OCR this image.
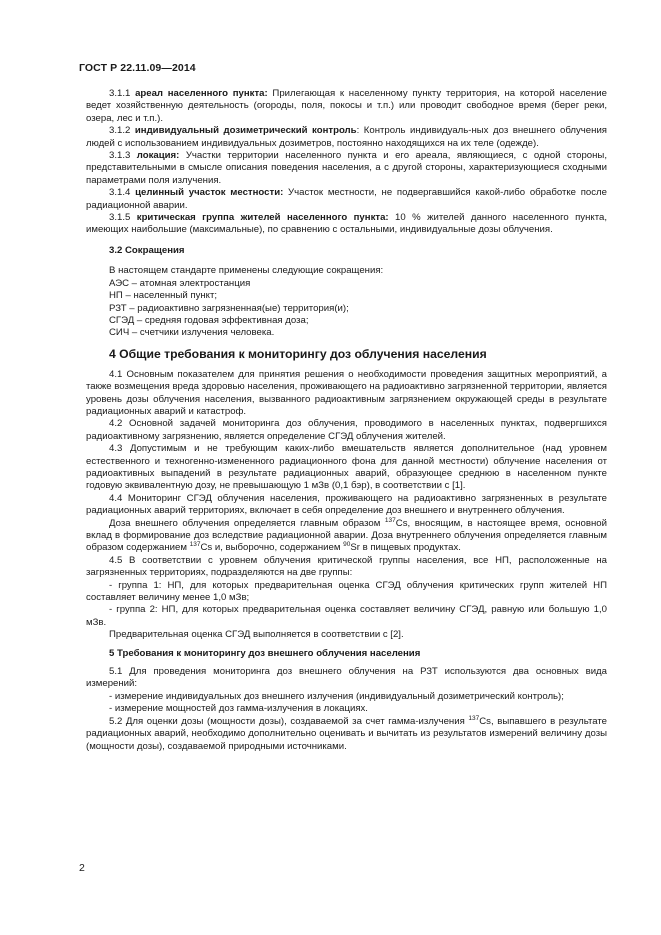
ГОСТ Р 22.11.09—2014

3.1.1 ареал населенного пункта: Прилегающая к населенному пункту территория, на которой население ведет хозяйственную деятельность (огороды, поля, покосы и т.п.) или проводит свободное время (берег реки, озера, лес и т.п.).

3.1.2 индивидуальный дозиметрический контроль: Контроль индивидуаль-ных доз внешнего облучения людей с использованием индивидуальных дозиметров, постоянно находящихся на их теле (одежде).

3.1.3 локация: Участки территории населенного пункта и его ареала, являющиеся, с одной стороны, представительными в смысле описания поведения населения, а с другой стороны, характеризующиеся сходными параметрами поля излучения.

3.1.4 целинный участок местности: Участок местности, не подвергавшийся какой-либо обработке после радиационной аварии.

3.1.5 критическая группа жителей населенного пункта: 10 % жителей данного населенного пункта, имеющих наибольшие (максимальные), по сравнению с остальными, индивидуальные дозы облучения.

3.2 Сокращения

В настоящем стандарте применены следующие сокращения:

АЭС – атомная электростанция

НП – населенный пункт;

РЗТ – радиоактивно загрязненная(ые) территория(и);

СГЭД – средняя годовая эффективная доза;

СИЧ – счетчики излучения человека.

4 Общие требования к мониторингу доз облучения населения

4.1 Основным показателем для принятия решения о необходимости проведения защитных мероприятий, а также возмещения вреда здоровью населения, проживающего на радиоактивно загрязненной территории, является уровень дозы облучения населения, вызванного радиоактивным загрязнением окружающей среды в результате радиационных аварий и катастроф.

4.2 Основной задачей мониторинга доз облучения, проводимого в населенных пунктах, подвергшихся радиоактивному загрязнению, является определение СГЭД облучения жителей.

4.3 Допустимым и не требующим каких-либо вмешательств является дополнительное (над уровнем естественного и техногенно-измененного радиационного фона для данной местности) облучение населения от радиоактивных выпадений в результате радиационных аварий, образующее среднюю в населенном пункте годовую эквивалентную дозу, не превышающую 1 мЗв (0,1 бэр), в соответствии с [1].

4.4 Мониторинг СГЭД облучения населения, проживающего на радиоактивно загрязненных в результате радиационных аварий территориях, включает в себя определение доз внешнего и внутреннего облучения.

Доза внешнего облучения определяется главным образом $^{137}$Cs, вносящим, в настоящее время, основной вклад в формирование доз вследствие радиационной аварии. Доза внутреннего облучения определяется главным образом содержанием $^{137}$Cs и, выборочно, содержанием $^{90}$Sr в пищевых продуктах.

4.5 В соответствии с уровнем облучения критической группы населения, все НП, расположенные на загрязненных территориях, подразделяются на две группы:

- группа 1: НП, для которых предварительная оценка СГЭД облучения критических групп жителей НП составляет величину менее 1,0 мЗв;

- группа 2: НП, для которых предварительная оценка составляет величину СГЭД, равную или большую 1,0 мЗв.

Предварительная оценка СГЭД выполняется в соответствии с [2].

5 Требования к мониторингу доз внешнего облучения населения

5.1 Для проведения мониторинга доз внешнего облучения на РЗТ используются два основных вида измерений:

- измерение индивидуальных доз внешнего излучения (индивидуальный дозиметрический контроль);

- измерение мощностей доз гамма-излучения в локациях.

5.2 Для оценки дозы (мощности дозы), создаваемой за счет гамма-излучения $^{137}$Cs, выпавшего в результате радиационных аварий, необходимо дополнительно оценивать и вычитать из результатов измерений величину дозы (мощности дозы), создаваемой природными источниками.

2
